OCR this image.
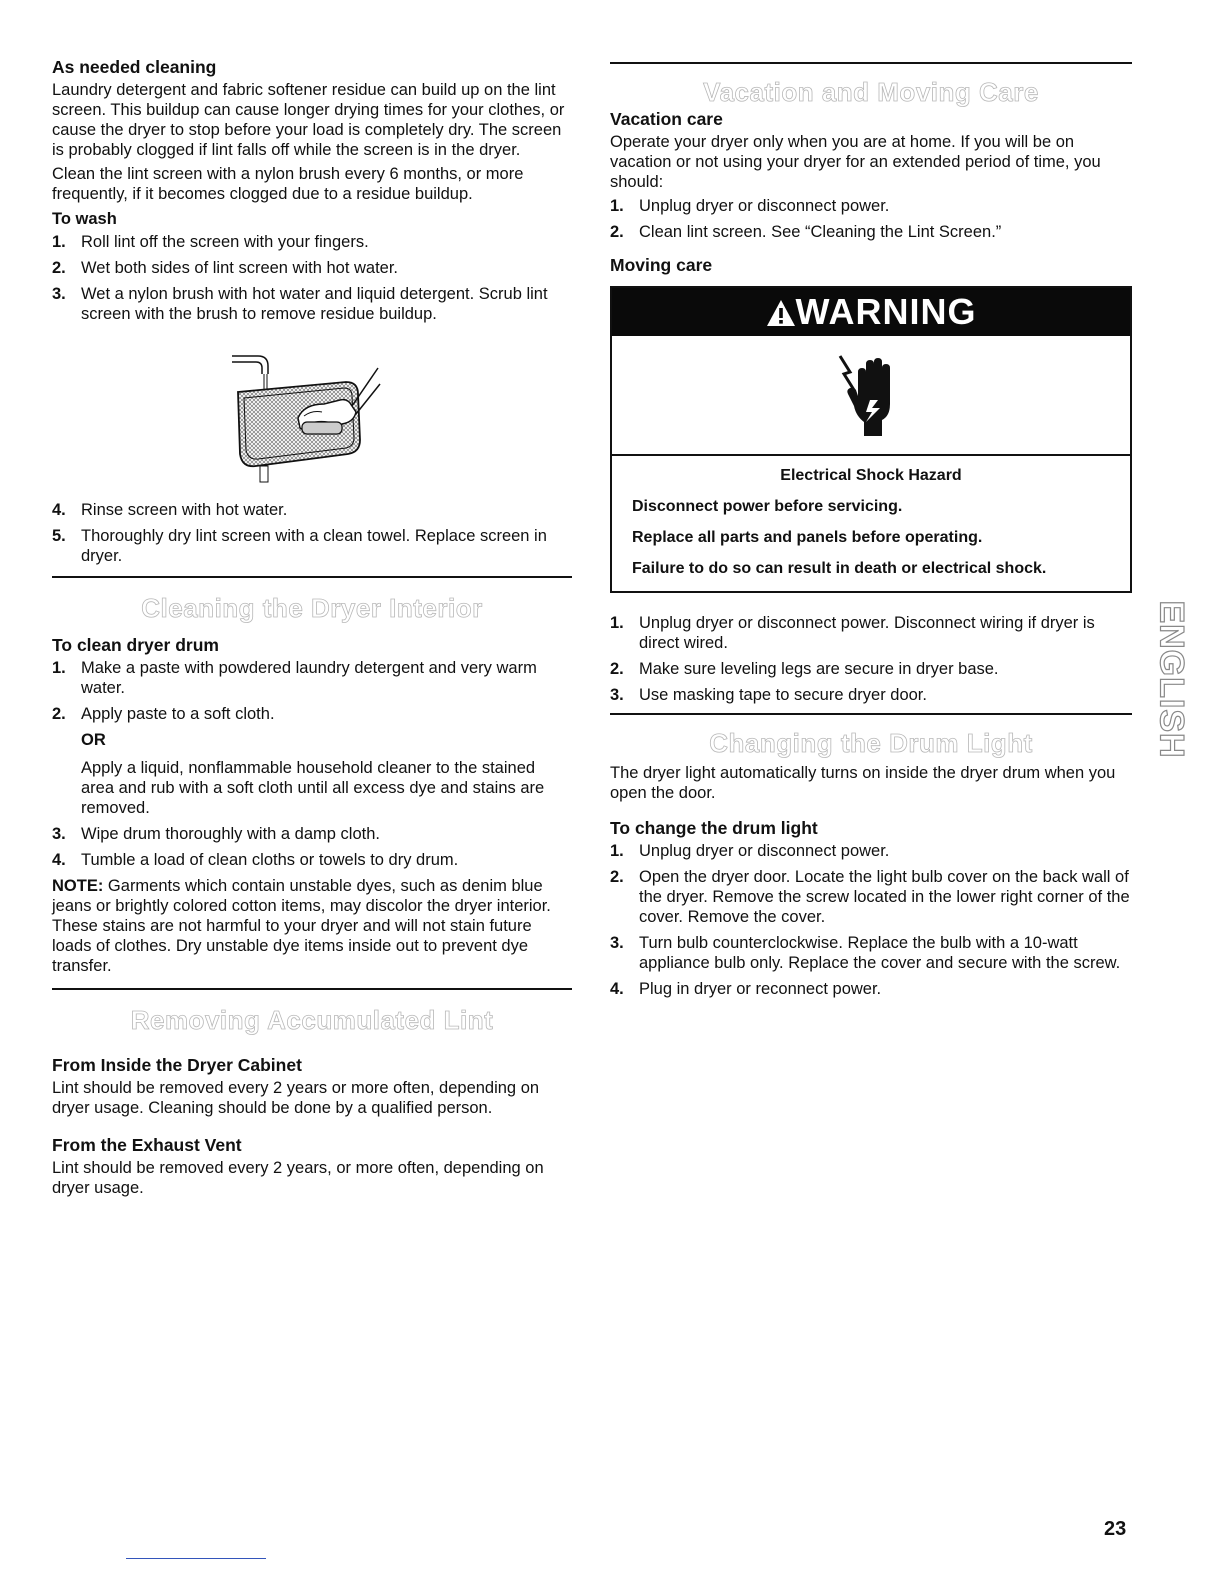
As needed cleaning

Laundry detergent and fabric softener residue can build up on the lint screen. This buildup can cause longer drying times for your clothes, or cause the dryer to stop before your load is completely dry. The screen is probably clogged if lint falls off while the screen is in the dryer.

Clean the lint screen with a nylon brush every 6 months, or more frequently, if it becomes clogged due to a residue buildup.

To wash
1. Roll lint off the screen with your fingers.
2. Wet both sides of lint screen with hot water.
3. Wet a nylon brush with hot water and liquid detergent. Scrub lint screen with the brush to remove residue buildup.
4. Rinse screen with hot water.
5. Thoroughly dry lint screen with a clean towel. Replace screen in dryer.
Cleaning the Dryer Interior
To clean dryer drum
1. Make a paste with powdered laundry detergent and very warm water.
2. Apply paste to a soft cloth.
OR
Apply a liquid, nonflammable household cleaner to the stained area and rub with a soft cloth until all excess dye and stains are removed.
3. Wipe drum thoroughly with a damp cloth.
4. Tumble a load of clean cloths or towels to dry drum.

NOTE: Garments which contain unstable dyes, such as denim blue jeans or brightly colored cotton items, may discolor the dryer interior. These stains are not harmful to your dryer and will not stain future loads of clothes. Dry unstable dye items inside out to prevent dye transfer.

Removing Accumulated Lint
From Inside the Dryer Cabinet

Lint should be removed every 2 years or more often, depending on dryer usage. Cleaning should be done by a qualified person.

From the Exhaust Vent

Lint should be removed every 2 years, or more often, depending on dryer usage.

Vacation and Moving Care
Vacation care

Operate your dryer only when you are at home. If you will be on vacation or not using your dryer for an extended period of time, you should:

1. Unplug dryer or disconnect power.
2. Clean lint screen. See “Cleaning the Lint Screen.”
Moving care
WARNING

Electrical Shock Hazard

Disconnect power before servicing.

Replace all parts and panels before operating.

Failure to do so can result in death or electrical shock.

1. Unplug dryer or disconnect power. Disconnect wiring if dryer is direct wired.
2. Make sure leveling legs are secure in dryer base.
3. Use masking tape to secure dryer door.
Changing the Drum Light

The dryer light automatically turns on inside the dryer drum when you open the door.

To change the drum light
1. Unplug dryer or disconnect power.
2. Open the dryer door. Locate the light bulb cover on the back wall of the dryer. Remove the screw located in the lower right corner of the cover. Remove the cover.
3. Turn bulb counterclockwise. Replace the bulb with a 10-watt appliance bulb only. Replace the cover and secure with the screw.
4. Plug in dryer or reconnect power.
ENGLISH
23
